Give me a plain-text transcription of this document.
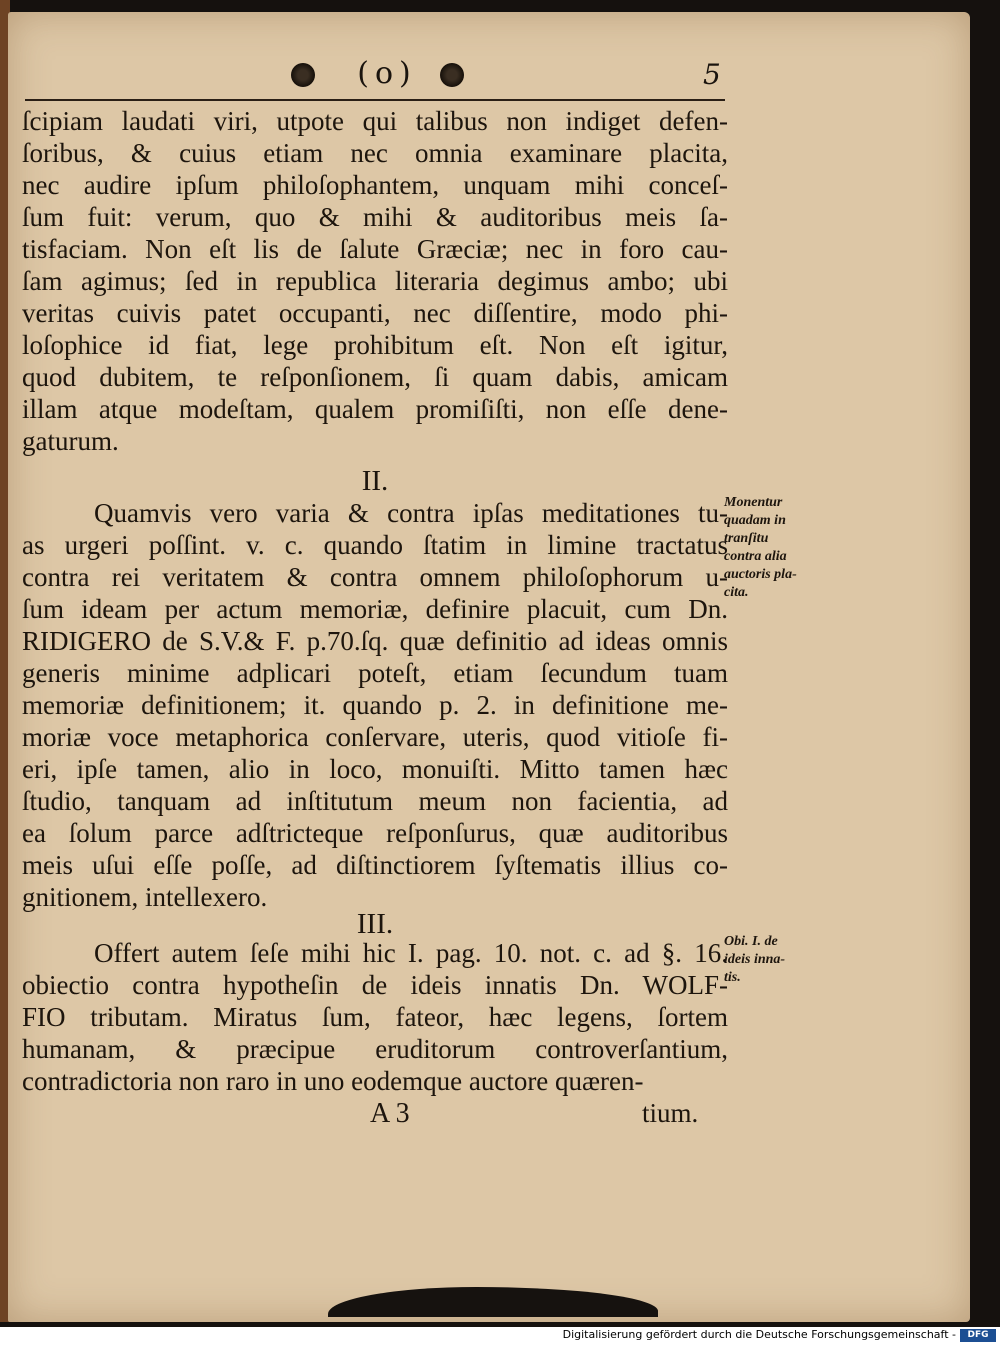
(o)	5
ſcipiam laudati viri, utpote qui talibus non indiget defen-
ſoribus, & cuius etiam nec omnia examinare placita,
nec audire ipſum philoſophantem, unquam mihi conceſ-
ſum fuit: verum, quo & mihi & auditoribus meis ſa-
tisfaciam. Non eſt lis de ſalute Græciæ; nec in foro cau-
ſam agimus; ſed in republica literaria degimus ambo; ubi
veritas cuivis patet occupanti, nec diſſentire, modo phi-
loſophice id fiat, lege prohibitum eſt. Non eſt igitur,
quod dubitem, te reſponſionem, ſi quam dabis, amicam
illam atque modeſtam, qualem promiſiſti, non eſſe dene-
gaturum.
II.
Quamvis vero varia & contra ipſas meditationes tu-
as urgeri poſſint. v. c. quando ſtatim in limine tractatus
contra rei veritatem & contra omnem philoſophorum u-
ſum ideam per actum memoriæ, definire placuit, cum Dn.
RIDIGERO de S.V.& F. p.70.ſq. quæ definitio ad ideas omnis
generis minime adplicari poteſt, etiam ſecundum tuam
memoriæ definitionem; it. quando p. 2. in definitione me-
moriæ voce metaphorica conſervare, uteris, quod vitioſe fi-
eri, ipſe tamen, alio in loco, monuiſti. Mitto tamen hæc
ſtudio, tanquam ad inſtitutum meum non facientia, ad
ea ſolum parce adſtricteque reſponſurus, quæ auditoribus
meis uſui eſſe poſſe, ad diſtinctiorem ſyſtematis illius co-
gnitionem, intellexero.
III.
Offert autem ſeſe mihi hic I. pag. 10. not. c. ad §. 16.
obiectio contra hypotheſin de ideis innatis Dn. WOLF-
FIO tributam. Miratus ſum, fateor, hæc legens, ſortem
humanam, & præcipue eruditorum controverſantium,
contradictoria non raro in uno eodemque auctore quæren-
Monentur
quadam in
tranſitu
contra alia
auctoris pla-
cita.
Obi. I. de
ideis inna-
tis.
A 3	tium.
Digitalisierung gefördert durch die Deutsche Forschungsgemeinschaft -	DFG
